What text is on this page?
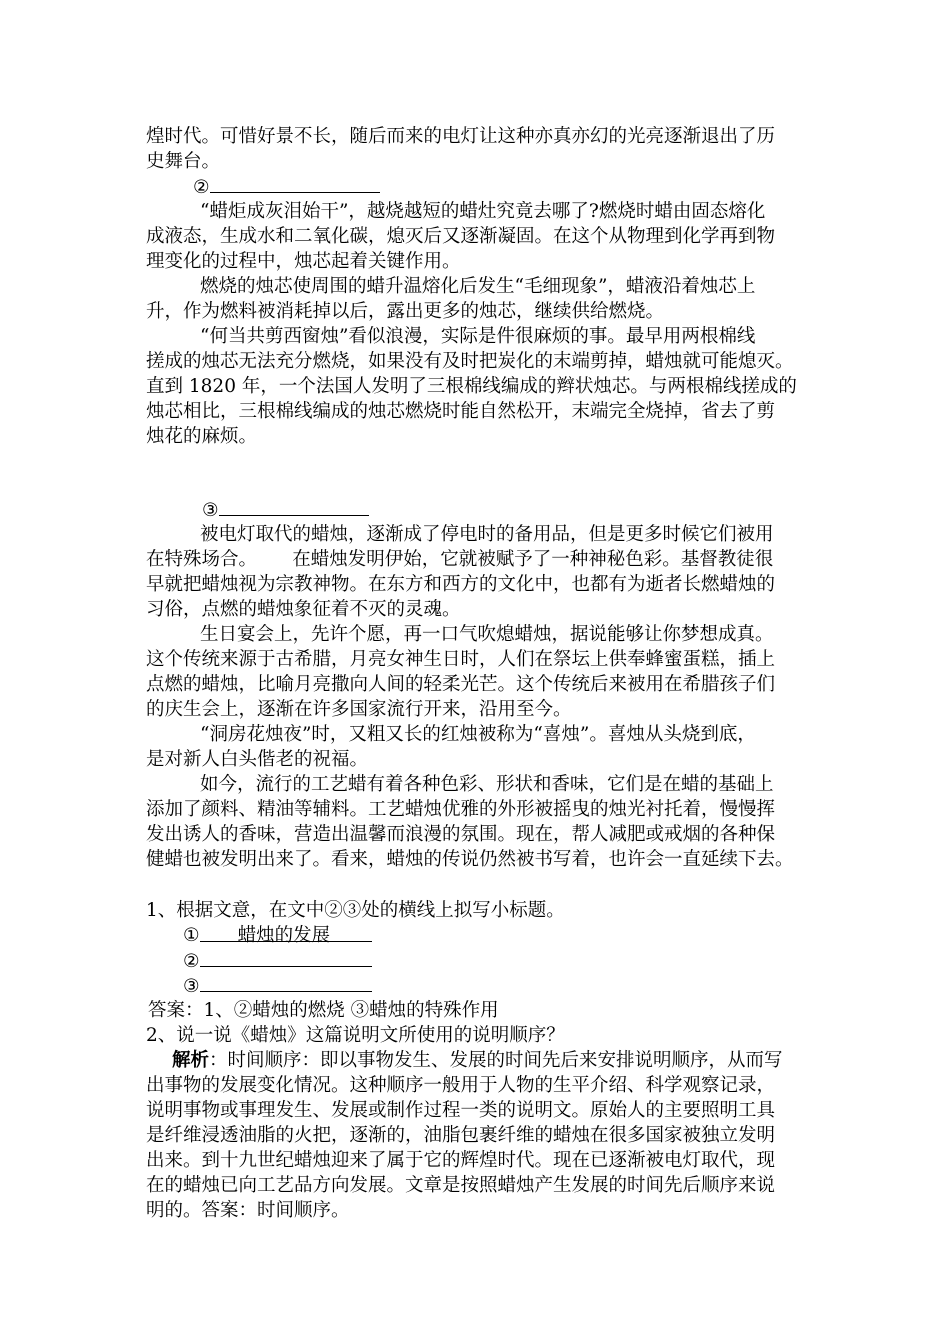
煌时代。可惜好景不长，随后而来的电灯让这种亦真亦幻的光亮逐渐退出了历
史舞台。
②
“蜡炬成灰泪始干”，越烧越短的蜡灶究竟去哪了?燃烧时蜡由固态熔化
成液态，生成水和二氧化碳，熄灭后又逐渐凝固。在这个从物理到化学再到物
理变化的过程中，烛芯起着关键作用。
燃烧的烛芯使周围的蜡升温熔化后发生“毛细现象”，蜡液沿着烛芯上
升，作为燃料被消耗掉以后，露出更多的烛芯，继续供给燃烧。
“何当共剪西窗烛”看似浪漫，实际是件很麻烦的事。最早用两根棉线
搓成的烛芯无法充分燃烧，如果没有及时把炭化的末端剪掉，蜡烛就可能熄灭。
直到 1820 年，一个法国人发明了三根棉线编成的辫状烛芯。与两根棉线搓成的
烛芯相比，三根棉线编成的烛芯燃烧时能自然松开，末端完全烧掉，省去了剪
烛花的麻烦。
③
被电灯取代的蜡烛，逐渐成了停电时的备用品，但是更多时候它们被用
在特殊场合。      在蜡烛发明伊始，它就被赋予了一种神秘色彩。基督教徒很
早就把蜡烛视为宗教神物。在东方和西方的文化中，也都有为逝者长燃蜡烛的
习俗，点燃的蜡烛象征着不灭的灵魂。
生日宴会上，先许个愿，再一口气吹熄蜡烛，据说能够让你梦想成真。
这个传统来源于古希腊，月亮女神生日时，人们在祭坛上供奉蜂蜜蛋糕，插上
点燃的蜡烛，比喻月亮撒向人间的轻柔光芒。这个传统后来被用在希腊孩子们
的庆生会上，逐渐在许多国家流行开来，沿用至今。
“洞房花烛夜”时，又粗又长的红烛被称为“喜烛”。喜烛从头烧到底，
是对新人白头偕老的祝福。
如今，流行的工艺蜡有着各种色彩、形状和香味，它们是在蜡的基础上
添加了颜料、精油等辅料。工艺蜡烛优雅的外形被摇曳的烛光衬托着，慢慢挥
发出诱人的香味，营造出温馨而浪漫的氛围。现在，帮人减肥或戒烟的各种保
健蜡也被发明出来了。看来，蜡烛的传说仍然被书写着，也许会一直延续下去。
1、根据文意，在文中②③处的横线上拟写小标题。
① 蜡烛的发展
②
③
答案：1、②蜡烛的燃烧 ③蜡烛的特殊作用
2、说一说《蜡烛》这篇说明文所使用的说明顺序？
解析：时间顺序：即以事物发生、发展的时间先后来安排说明顺序，从而写
出事物的发展变化情况。这种顺序一般用于人物的生平介绍、科学观察记录，
说明事物或事理发生、发展或制作过程一类的说明文。原始人的主要照明工具
是纤维浸透油脂的火把，逐渐的，油脂包裹纤维的蜡烛在很多国家被独立发明
出来。到十九世纪蜡烛迎来了属于它的辉煌时代。现在已逐渐被电灯取代，现
在的蜡烛已向工艺品方向发展。文章是按照蜡烛产生发展的时间先后顺序来说
明的。答案：时间顺序。
